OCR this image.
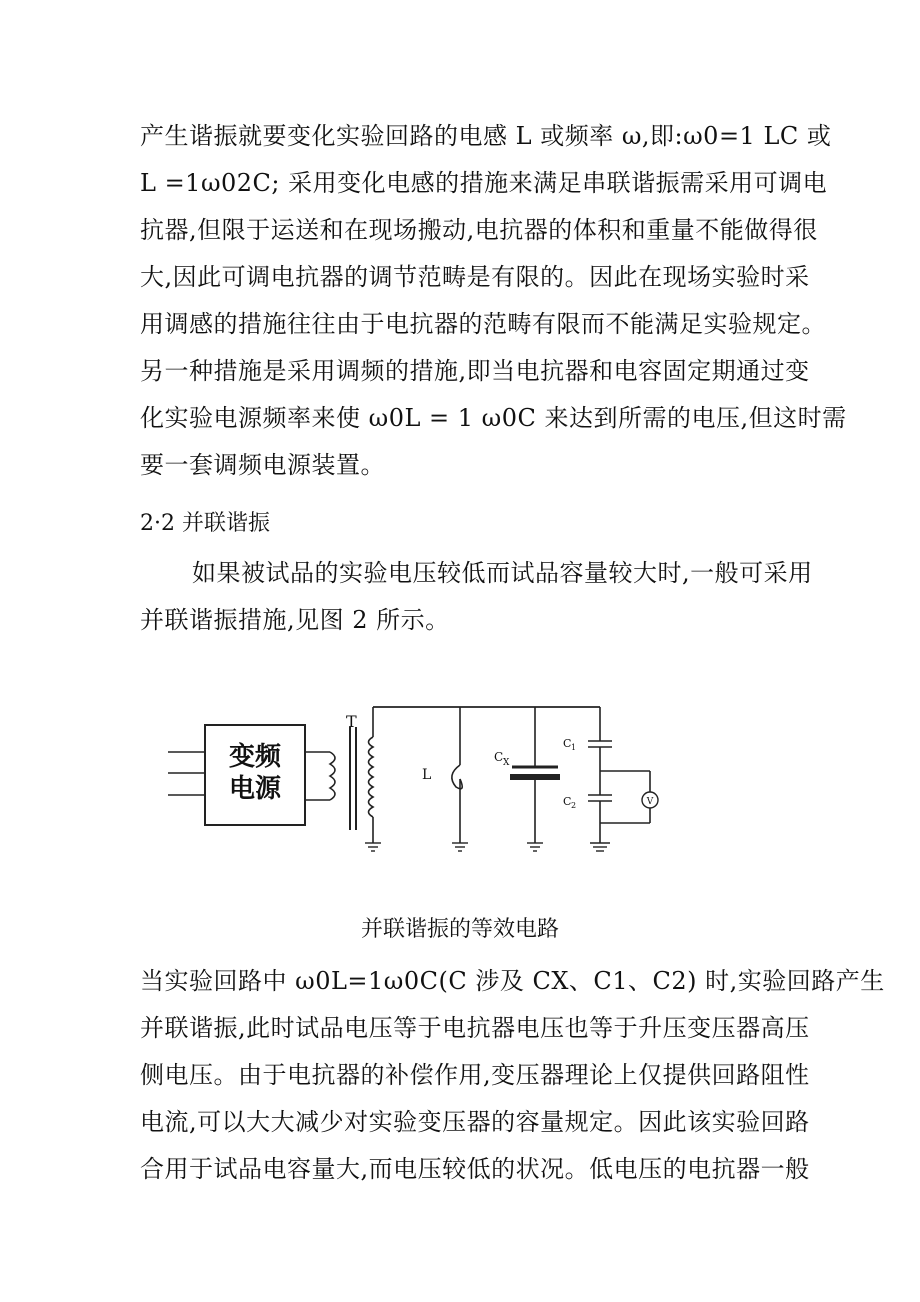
产生谐振就要变化实验回路的电感 L 或频率 ω,即:ω0=1 LC 或
L =1ω02C; 采用变化电感的措施来满足串联谐振需采用可调电
抗器,但限于运送和在现场搬动,电抗器的体积和重量不能做得很
大,因此可调电抗器的调节范畴是有限的。因此在现场实验时采
用调感的措施往往由于电抗器的范畴有限而不能满足实验规定。
另一种措施是采用调频的措施,即当电抗器和电容固定期通过变
化实验电源频率来使 ω0L = 1 ω0C 来达到所需的电压,但这时需
要一套调频电源装置。
2·2 并联谐振
如果被试品的实验电压较低而试品容量较大时,一般可采用
并联谐振措施,见图 2 所示。
变频
电源
T
L
C X
C 1
C 2	V
并联谐振的等效电路
当实验回路中 ω0L=1ω0C(C 涉及 CX、C1、C2) 时,实验回路产生
并联谐振,此时试品电压等于电抗器电压也等于升压变压器高压
侧电压。由于电抗器的补偿作用,变压器理论上仅提供回路阻性
电流,可以大大减少对实验变压器的容量规定。因此该实验回路
合用于试品电容量大,而电压较低的状况。低电压的电抗器一般
